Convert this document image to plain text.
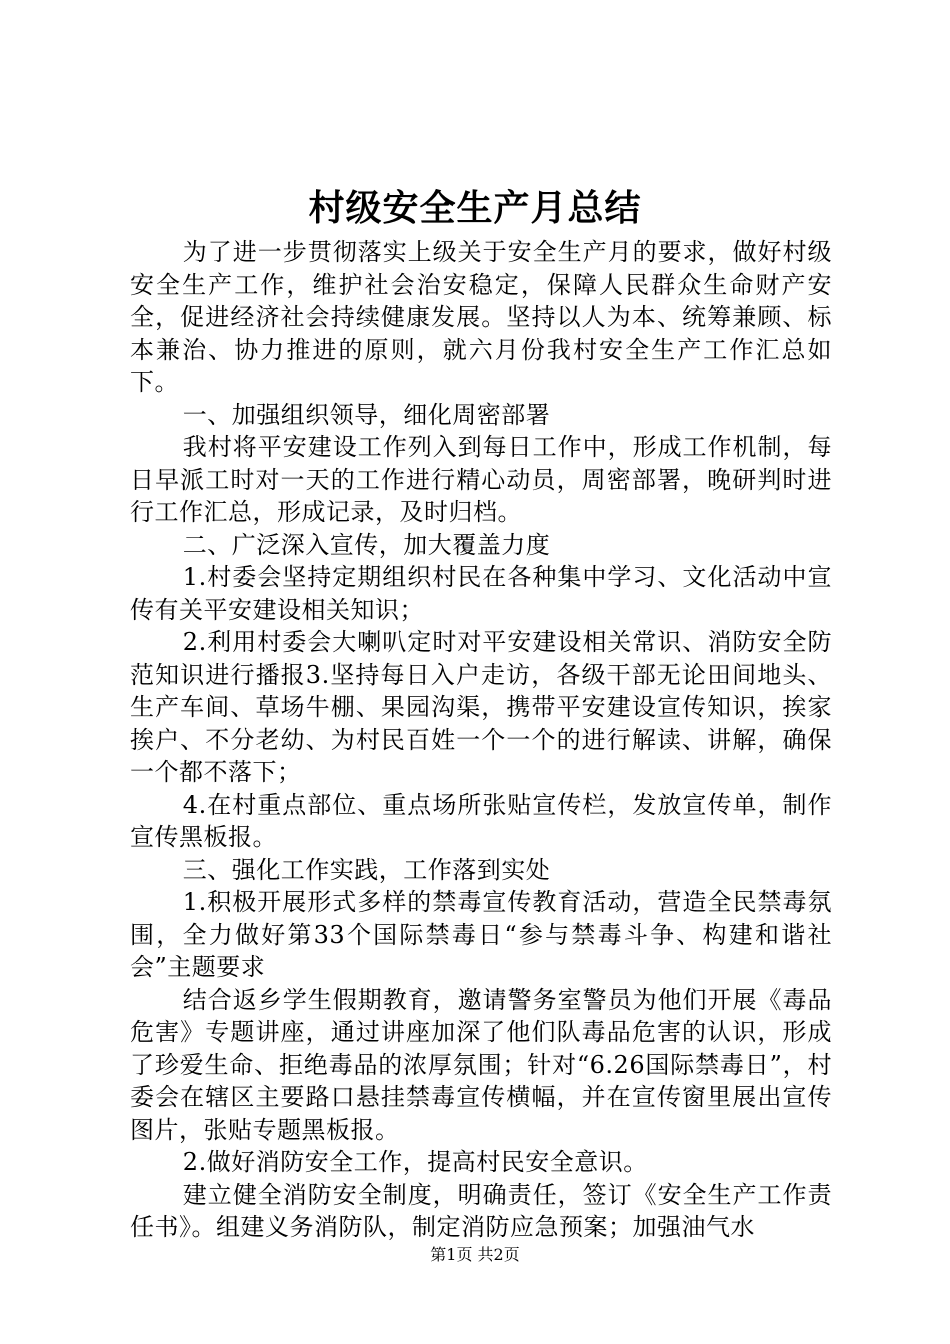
村级安全生产月总结

为了进一步贯彻落实上级关于安全生产月的要求，做好村级安全生产工作，维护社会治安稳定，保障人民群众生命财产安全，促进经济社会持续健康发展。坚持以人为本、统筹兼顾、标本兼治、协力推进的原则，就六月份我村安全生产工作汇总如下。

一、加强组织领导，细化周密部署

我村将平安建设工作列入到每日工作中，形成工作机制，每日早派工时对一天的工作进行精心动员，周密部署，晚研判时进行工作汇总，形成记录，及时归档。

二、广泛深入宣传，加大覆盖力度

1.村委会坚持定期组织村民在各种集中学习、文化活动中宣传有关平安建设相关知识；

2.利用村委会大喇叭定时对平安建设相关常识、消防安全防范知识进行播报3.坚持每日入户走访，各级干部无论田间地头、生产车间、草场牛棚、果园沟渠，携带平安建设宣传知识，挨家挨户、不分老幼、为村民百姓一个一个的进行解读、讲解，确保一个都不落下；

4.在村重点部位、重点场所张贴宣传栏，发放宣传单，制作宣传黑板报。

三、强化工作实践，工作落到实处

1.积极开展形式多样的禁毒宣传教育活动，营造全民禁毒氛围，全力做好第33个国际禁毒日“参与禁毒斗争、构建和谐社会”主题要求

结合返乡学生假期教育，邀请警务室警员为他们开展《毒品危害》专题讲座，通过讲座加深了他们队毒品危害的认识，形成了珍爱生命、拒绝毒品的浓厚氛围；针对“6.26国际禁毒日”，村委会在辖区主要路口悬挂禁毒宣传横幅，并在宣传窗里展出宣传图片，张贴专题黑板报。

2.做好消防安全工作，提高村民安全意识。

建立健全消防安全制度，明确责任，签订《安全生产工作责任书》。组建义务消防队，制定消防应急预案；加强油气水

第1页 共2页
